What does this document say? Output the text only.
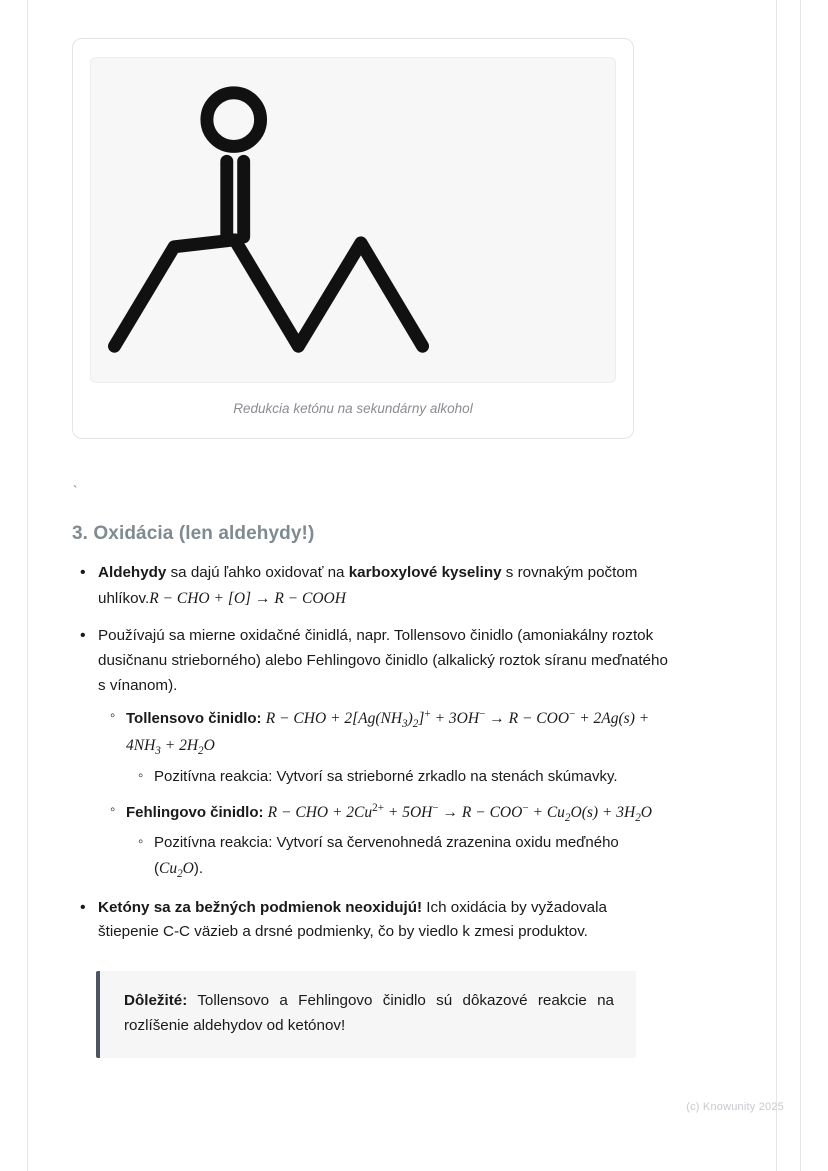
Redukcia ketónu na sekundárny alkohol
`
3. Oxidácia (len aldehydy!)
• Aldehydy sa dajú ľahko oxidovať na karboxylové kyseliny s rovnakým počtom uhlíkov.R − CHO + [O] → R − COOH
• Používajú sa mierne oxidačné činidlá, napr. Tollensovo činidlo (amoniakálny roztok dusičnanu strieborného) alebo Fehlingovo činidlo (alkalický roztok síranu meďnatého s vínanom).
◦ Tollensovo činidlo: R − CHO + $2[Ag(NH_3)_2]^+ + 3OH^- \to R - COO^- + 2Ag(s) + 4NH_3 + 2H_2O$
◦ Pozitívna reakcia: Vytvorí sa strieborné zrkadlo na stenách skúmavky.
◦ Fehlingovo činidlo: R − CHO + $2Cu^{2+} + 5OH^- \to R - COO^- + Cu_2O(s) + 3H_2O$
◦ Pozitívna reakcia: Vytvorí sa červenohnedá zrazenina oxidu meďného $(Cu_2O)$.
• Ketóny sa za bežných podmienok neoxidujú! Ich oxidácia by vyžadovala štiepenie C-C väzieb a drsné podmienky, čo by viedlo k zmesi produktov.
Dôležité: Tollensovo a Fehlingovo činidlo sú dôkazové reakcie na rozlíšenie aldehydov od ketónov!
(c) Knowunity 2025
